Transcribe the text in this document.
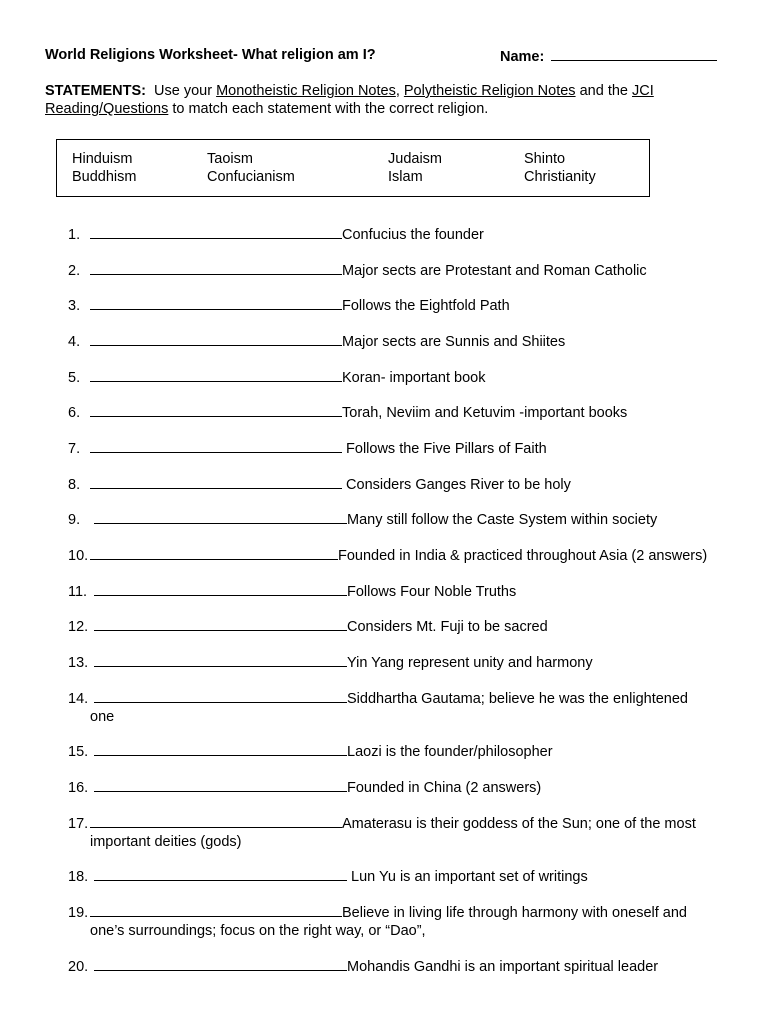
World Religions Worksheet- What religion am I?	Name:
STATEMENTS: Use your Monotheistic Religion Notes, Polytheistic Religion Notes and the JCI
Reading/Questions to match each statement with the correct religion.
Hinduism	Taoism	Judaism	Shinto
Buddhism	Confucianism	Islam	Christianity
1.	Confucius the founder
2.	Major sects are Protestant and Roman Catholic
3.	Follows the Eightfold Path
4.	Major sects are Sunnis and Shiites
5.	Koran- important book
6.	Torah, Neviim and Ketuvim -important books
7.	Follows the Five Pillars of Faith
8.	Considers Ganges River to be holy
9.	Many still follow the Caste System within society
10.	Founded in India & practiced throughout Asia (2 answers)
11.	Follows Four Noble Truths
12.	Considers Mt. Fuji to be sacred
13.	Yin Yang represent unity and harmony
14.	Siddhartha Gautama; believe he was the enlightened
one
15.	Laozi is the founder/philosopher
16.	Founded in China (2 answers)
17.	Amaterasu is their goddess of the Sun; one of the most
important deities (gods)
18.	Lun Yu is an important set of writings
19.	Believe in living life through harmony with oneself and
one’s surroundings; focus on the right way, or “Dao”,
20.	Mohandis Gandhi is an important spiritual leader
